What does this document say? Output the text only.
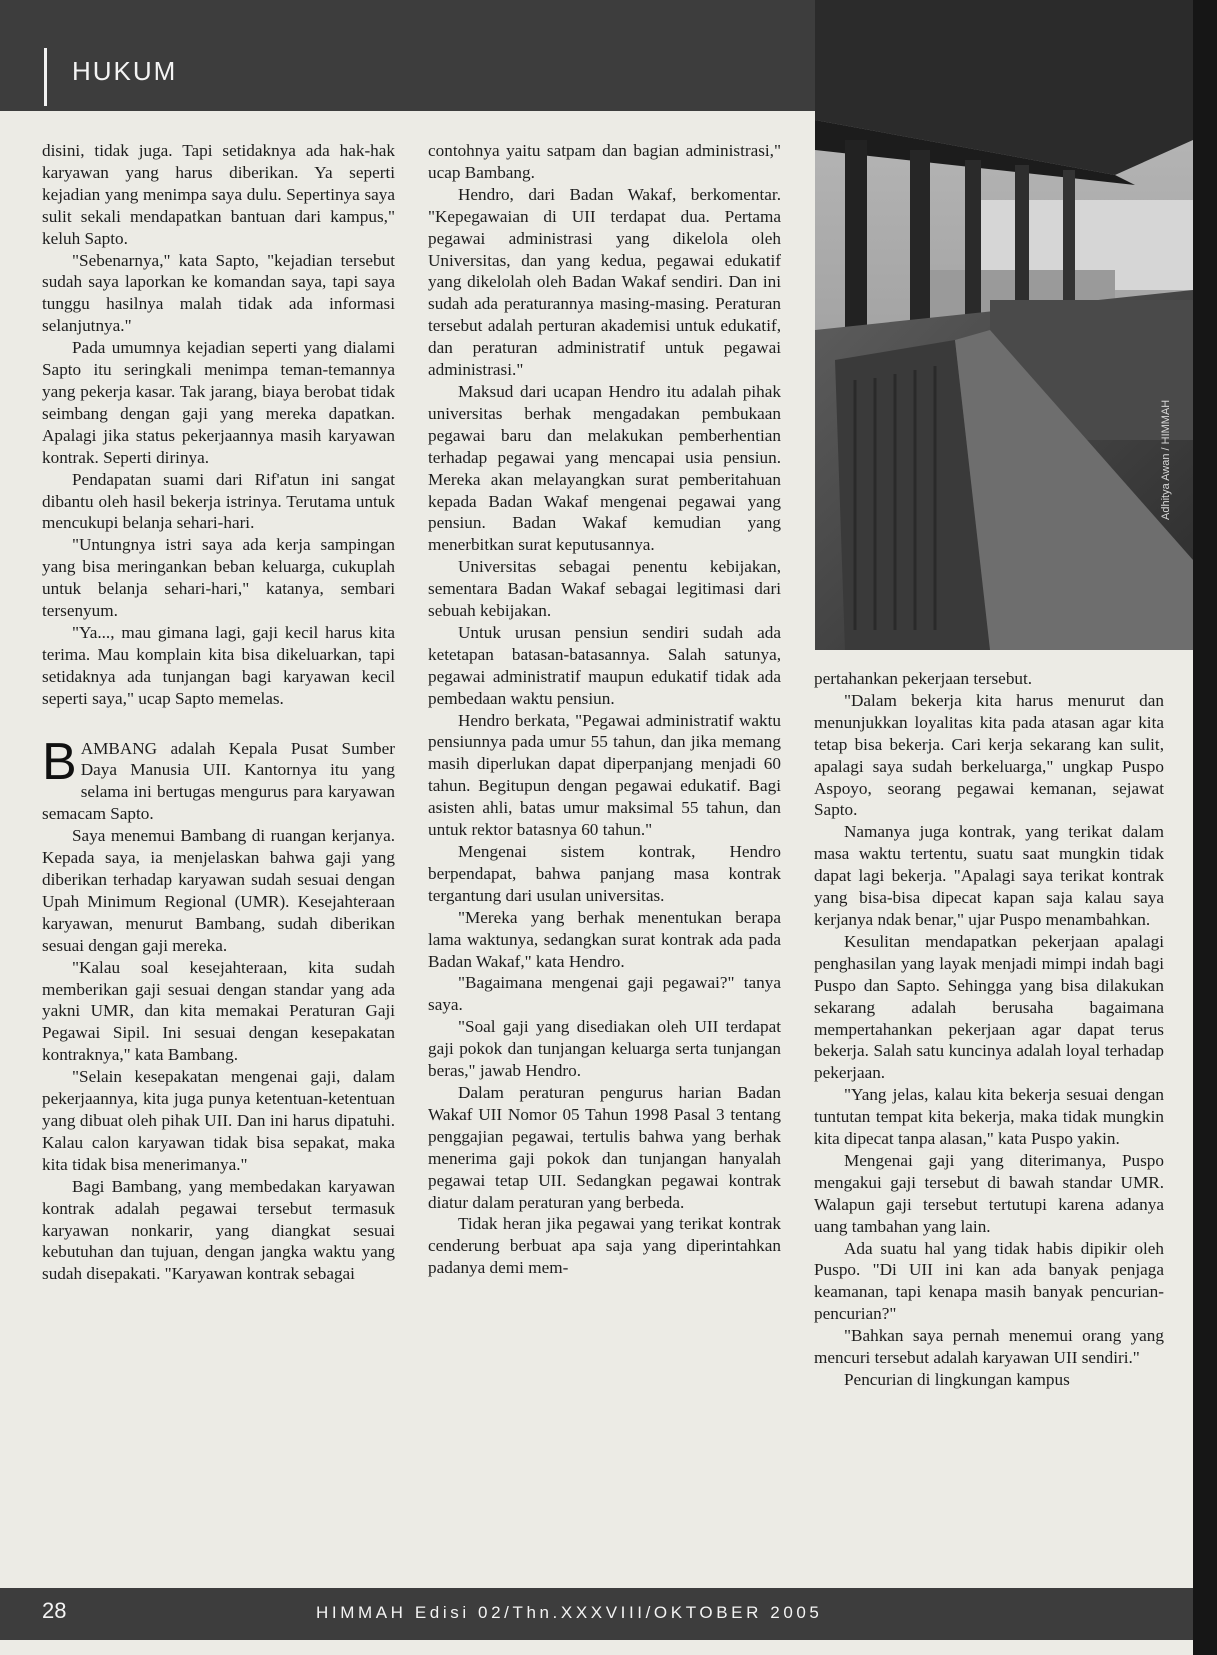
HUKUM
Adhitya Awan / HIMMAH

disini, tidak juga. Tapi setidaknya ada hak-hak karyawan yang harus diberikan. Ya seperti kejadian yang menimpa saya dulu. Sepertinya saya sulit sekali mendapatkan bantuan dari kampus," keluh Sapto.

"Sebenarnya," kata Sapto, "kejadian tersebut sudah saya laporkan ke komandan saya, tapi saya tunggu hasilnya malah tidak ada informasi selanjutnya."

Pada umumnya kejadian seperti yang dialami Sapto itu seringkali menimpa teman-temannya yang pekerja kasar. Tak jarang, biaya berobat tidak seimbang dengan gaji yang mereka dapatkan. Apalagi jika status pekerjaannya masih karyawan kontrak. Seperti dirinya.

Pendapatan suami dari Rif'atun ini sangat dibantu oleh hasil bekerja istrinya. Terutama untuk mencukupi belanja sehari-hari.

"Untungnya istri saya ada kerja sampingan yang bisa meringankan beban keluarga, cukuplah untuk belanja sehari-hari," katanya, sembari tersenyum.

"Ya..., mau gimana lagi, gaji kecil harus kita terima. Mau komplain kita bisa dikeluarkan, tapi setidaknya ada tunjangan bagi karyawan kecil seperti saya," ucap Sapto memelas.

BAMBANG adalah Kepala Pusat Sumber Daya Manusia UII. Kantornya itu yang selama ini bertugas mengurus para karyawan semacam Sapto.

Saya menemui Bambang di ruangan kerjanya. Kepada saya, ia menjelaskan bahwa gaji yang diberikan terhadap karyawan sudah sesuai dengan Upah Minimum Regional (UMR). Kesejahteraan karyawan, menurut Bambang, sudah diberikan sesuai dengan gaji mereka.

"Kalau soal kesejahteraan, kita sudah memberikan gaji sesuai dengan standar yang ada yakni UMR, dan kita memakai Peraturan Gaji Pegawai Sipil. Ini sesuai dengan kesepakatan kontraknya," kata Bambang.

"Selain kesepakatan mengenai gaji, dalam pekerjaannya, kita juga punya ketentuan-ketentuan yang dibuat oleh pihak UII. Dan ini harus dipatuhi. Kalau calon karyawan tidak bisa sepakat, maka kita tidak bisa menerimanya."

Bagi Bambang, yang membedakan karyawan kontrak adalah pegawai tersebut termasuk karyawan nonkarir, yang diangkat sesuai kebutuhan dan tujuan, dengan jangka waktu yang sudah disepakati. "Karyawan kontrak sebagai

contohnya yaitu satpam dan bagian administrasi," ucap Bambang.

Hendro, dari Badan Wakaf, berkomentar. "Kepegawaian di UII terdapat dua. Pertama pegawai administrasi yang dikelola oleh Universitas, dan yang kedua, pegawai edukatif yang dikelolah oleh Badan Wakaf sendiri. Dan ini sudah ada peraturannya masing-masing. Peraturan tersebut adalah perturan akademisi untuk edukatif, dan peraturan administratif untuk pegawai administrasi."

Maksud dari ucapan Hendro itu adalah pihak universitas berhak mengadakan pembukaan pegawai baru dan melakukan pemberhentian terhadap pegawai yang mencapai usia pensiun. Mereka akan melayangkan surat pemberitahuan kepada Badan Wakaf mengenai pegawai yang pensiun. Badan Wakaf kemudian yang menerbitkan surat keputusannya.

Universitas sebagai penentu kebijakan, sementara Badan Wakaf sebagai legitimasi dari sebuah kebijakan.

Untuk urusan pensiun sendiri sudah ada ketetapan batasan-batasannya. Salah satunya, pegawai administratif maupun edukatif tidak ada pembedaan waktu pensiun.

Hendro berkata, "Pegawai administratif waktu pensiunnya pada umur 55 tahun, dan jika memang masih diperlukan dapat diperpanjang menjadi 60 tahun. Begitupun dengan pegawai edukatif. Bagi asisten ahli, batas umur maksimal 55 tahun, dan untuk rektor batasnya 60 tahun."

Mengenai sistem kontrak, Hendro berpendapat, bahwa panjang masa kontrak tergantung dari usulan universitas.

"Mereka yang berhak menentukan berapa lama waktunya, sedangkan surat kontrak ada pada Badan Wakaf," kata Hendro.

"Bagaimana mengenai gaji pegawai?" tanya saya.

"Soal gaji yang disediakan oleh UII terdapat gaji pokok dan tunjangan keluarga serta tunjangan beras," jawab Hendro.

Dalam peraturan pengurus harian Badan Wakaf UII Nomor 05 Tahun 1998 Pasal 3 tentang penggajian pegawai, tertulis bahwa yang berhak menerima gaji pokok dan tunjangan hanyalah pegawai tetap UII. Sedangkan pegawai kontrak diatur dalam peraturan yang berbeda.

Tidak heran jika pegawai yang terikat kontrak cenderung berbuat apa saja yang diperintahkan padanya demi mem-

pertahankan pekerjaan tersebut.

"Dalam bekerja kita harus menurut dan menunjukkan loyalitas kita pada atasan agar kita tetap bisa bekerja. Cari kerja sekarang kan sulit, apalagi saya sudah berkeluarga," ungkap Puspo Aspoyo, seorang pegawai kemanan, sejawat Sapto.

Namanya juga kontrak, yang terikat dalam masa waktu tertentu, suatu saat mungkin tidak dapat lagi bekerja. "Apalagi saya terikat kontrak yang bisa-bisa dipecat kapan saja kalau saya kerjanya ndak benar," ujar Puspo menambahkan.

Kesulitan mendapatkan pekerjaan apalagi penghasilan yang layak menjadi mimpi indah bagi Puspo dan Sapto. Sehingga yang bisa dilakukan sekarang adalah berusaha bagaimana mempertahankan pekerjaan agar dapat terus bekerja. Salah satu kuncinya adalah loyal terhadap pekerjaan.

"Yang jelas, kalau kita bekerja sesuai dengan tuntutan tempat kita bekerja, maka tidak mungkin kita dipecat tanpa alasan," kata Puspo yakin.

Mengenai gaji yang diterimanya, Puspo mengakui gaji tersebut di bawah standar UMR. Walapun gaji tersebut tertutupi karena adanya uang tambahan yang lain.

Ada suatu hal yang tidak habis dipikir oleh Puspo. "Di UII ini kan ada banyak penjaga keamanan, tapi kenapa masih banyak pencurian-pencurian?"

"Bahkan saya pernah menemui orang yang mencuri tersebut adalah karyawan UII sendiri."

Pencurian di lingkungan kampus

28	HIMMAH Edisi 02/Thn.XXXVIII/OKTOBER 2005
